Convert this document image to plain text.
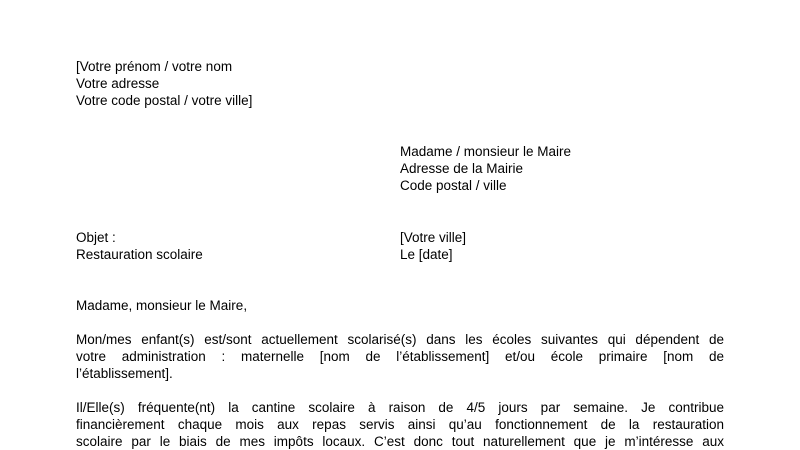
[Votre prénom / votre nom
Votre adresse
Votre code postal / votre ville]
Madame / monsieur le Maire
Adresse de la Mairie
Code postal / ville
Objet :
Restauration scolaire
[Votre ville]
Le [date]
Madame, monsieur le Maire,
Mon/mes enfant(s) est/sont actuellement scolarisé(s) dans les écoles suivantes qui dépendent de
votre administration : maternelle [nom de l’établissement] et/ou école primaire [nom de
l’établissement].
Il/Elle(s) fréquente(nt) la cantine scolaire à raison de 4/5 jours par semaine. Je contribue
financièrement chaque mois aux repas servis ainsi qu’au fonctionnement de la restauration
scolaire par le biais de mes impôts locaux. C’est donc tout naturellement que je m’intéresse aux
